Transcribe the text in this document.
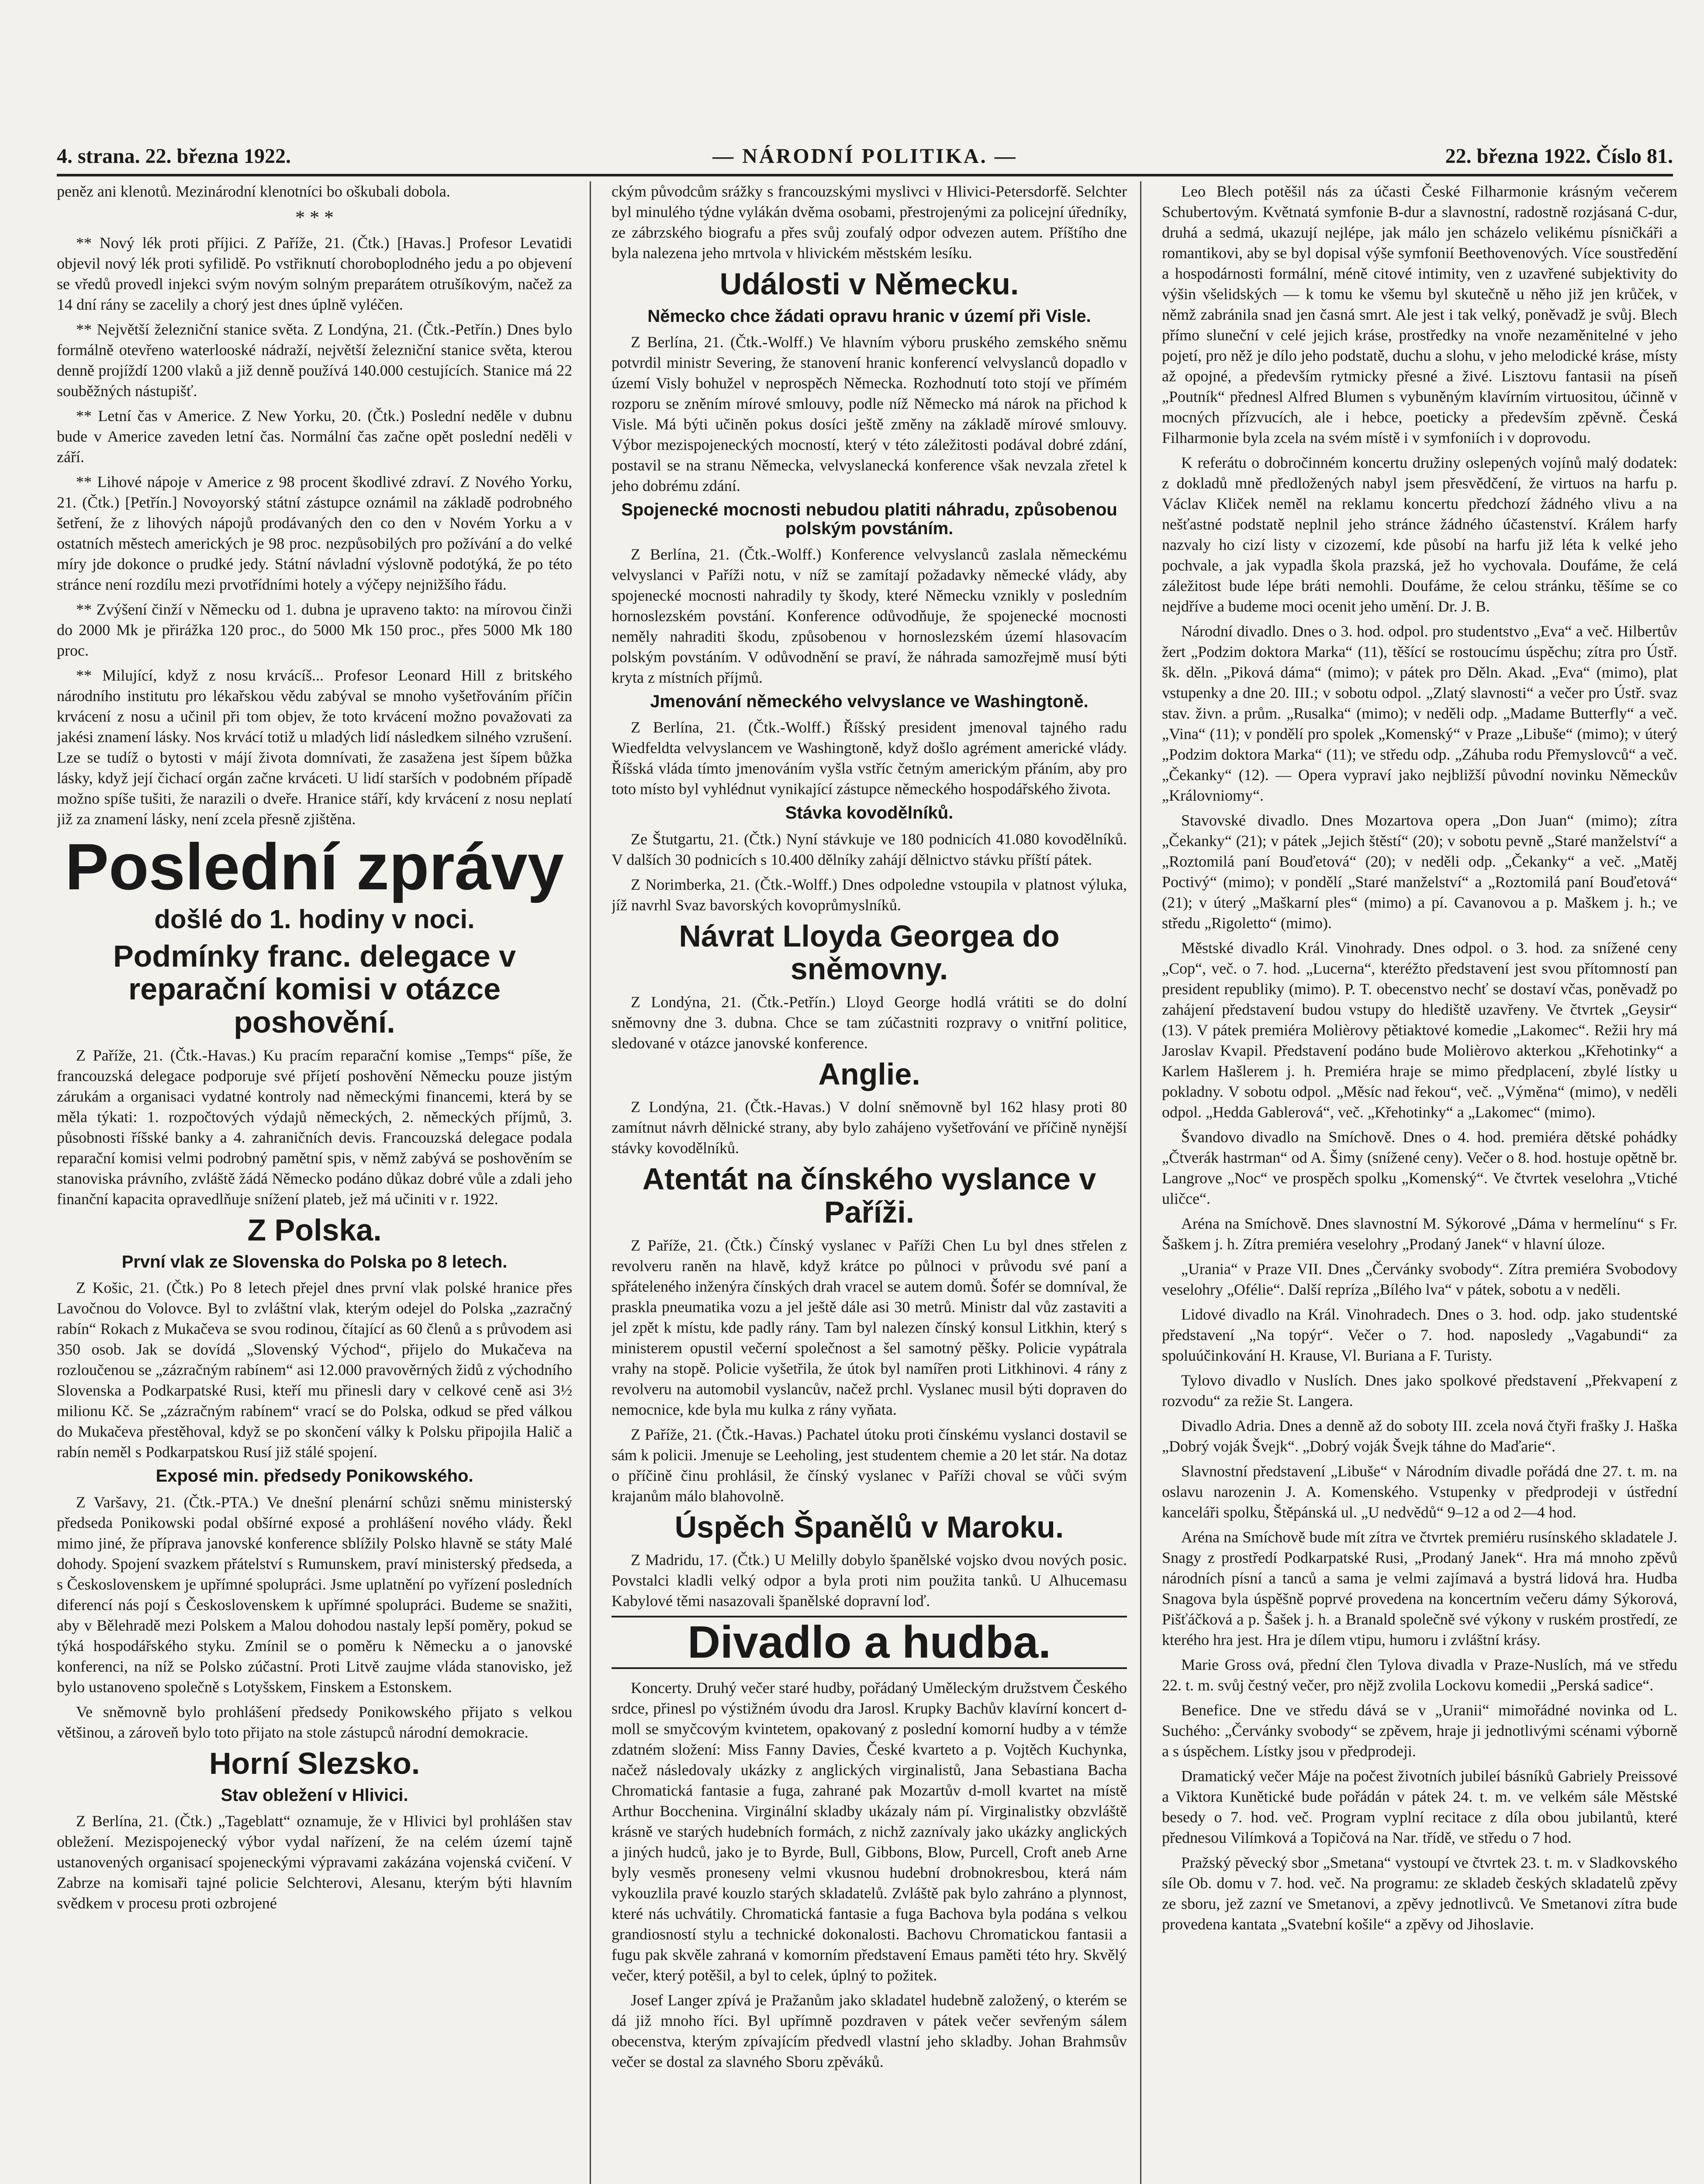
4. strana. 22. března 1922.	— NÁRODNÍ POLITIKA. —	22. března 1922. Číslo 81.

peněz ani klenotů. Mezinárodní klenotníci bo oškubali dobola.

* * *

** Nový lék proti příjici. Z Paříže, 21. (Čtk.) [Havas.] Profesor Levatidi objevil nový lék proti syfilidě. Po vstřiknutí choroboplodného jedu a po objevení se vředů provedl injekci svým novým solným preparátem otrušíkovým, načež za 14 dní rány se zacelily a chorý jest dnes úplně vyléčen.

** Největší železniční stanice světa. Z Londýna, 21. (Čtk.-Petřín.) Dnes bylo formálně otevřeno waterlooské nádraží, největší železniční stanice světa, kterou denně projíždí 1200 vlaků a již denně používá 140.000 cestujících. Stanice má 22 souběžných nástupišť.

** Letní čas v Americe. Z New Yorku, 20. (Čtk.) Poslední neděle v dubnu bude v Americe zaveden letní čas. Normální čas začne opět poslední neděli v září.

** Lihové nápoje v Americe z 98 procent škodlivé zdraví. Z Nového Yorku, 21. (Čtk.) [Petřín.] Novoyorský státní zástupce oznámil na základě podrobného šetření, že z lihových nápojů prodávaných den co den v Novém Yorku a v ostatních městech amerických je 98 proc. nezpůsobilých pro požívání a do velké míry jde dokonce o prudké jedy. Státní návladní výslovně podotýká, že po této stránce není rozdílu mezi prvotřídními hotely a výčepy nejnižšího řádu.

** Zvýšení činží v Německu od 1. dubna je upraveno takto: na mírovou činži do 2000 Mk je přirážka 120 proc., do 5000 Mk 150 proc., přes 5000 Mk 180 proc.

** Milující, když z nosu krvácíš... Profesor Leonard Hill z britského národního institutu pro lékařskou vědu zabýval se mnoho vyšetřováním příčin krvácení z nosu a učinil při tom objev, že toto krvácení možno považovati za jakési znamení lásky. Nos krvácí totiž u mladých lidí následkem silného vzrušení. Lze se tudíž o bytosti v májí života domnívati, že zasažena jest šípem bůžka lásky, když její čichací orgán začne krváceti. U lidí starších v podobném případě možno spíše tušiti, že narazili o dveře. Hranice stáří, kdy krvácení z nosu neplatí již za znamení lásky, není zcela přesně zjištěna.

Poslední zprávy
došlé do 1. hodiny v noci.
Podmínky franc. delegace v reparační komisi v otázce poshovění.

Z Paříže, 21. (Čtk.-Havas.) Ku pracím reparační komise „Temps“ píše, že francouzská delegace podporuje své příjetí poshovění Německu pouze jistým zárukám a organisaci vydatné kontroly nad německými financemi, která by se měla týkati: 1. rozpočtových výdajů německých, 2. německých příjmů, 3. působnosti říšské banky a 4. zahraničních devis. Francouzská delegace podala reparační komisi velmi podrobný pamětní spis, v němž zabývá se poshověním se stanoviska právního, zvláště žádá Německo podáno důkaz dobré vůle a zdali jeho finanční kapacita opravedlňuje snížení plateb, jež má učiniti v r. 1922.

Z Polska.
První vlak ze Slovenska do Polska po 8 letech.

Z Košic, 21. (Čtk.) Po 8 letech přejel dnes první vlak polské hranice přes Lavočnou do Volovce. Byl to zvláštní vlak, kterým odejel do Polska „zazračný rabín“ Rokach z Mukačeva se svou rodinou, čítající as 60 členů a s průvodem asi 350 osob. Jak se dovídá „Slovenský Východ“, přijelo do Mukačeva na rozloučenou se „zázračným rabínem“ asi 12.000 pravověrných židů z východního Slovenska a Podkarpatské Rusi, kteří mu přinesli dary v celkové ceně asi 3½ milionu Kč. Se „zázračným rabínem“ vrací se do Polska, odkud se před válkou do Mukačeva přestěhoval, když se po skončení války k Polsku připojila Halič a rabín neměl s Podkarpatskou Rusí již stálé spojení.

Exposé min. předsedy Ponikowského.

Z Varšavy, 21. (Čtk.-PTA.) Ve dnešní plenární schůzi sněmu ministerský předseda Ponikowski podal obšírné exposé a prohlášení nového vlády. Řekl mimo jiné, že příprava janovské konference sblížily Polsko hlavně se státy Malé dohody. Spojení svazkem přátelství s Rumunskem, praví ministerský předseda, a s Československem je upřímné spolupráci. Jsme uplatnění po vyřízení posledních diferencí nás pojí s Československem k upřímné spolupráci. Budeme se snažiti, aby v Bělehradě mezi Polskem a Malou dohodou nastaly lepší poměry, pokud se týká hospodářského styku. Zmínil se o poměru k Německu a o janovské konferenci, na níž se Polsko zúčastní. Proti Litvě zaujme vláda stanovisko, jež bylo ustanoveno společně s Lotyšskem, Finskem a Estonskem.

Ve sněmovně bylo prohlášení předsedy Ponikowského přijato s velkou většinou, a zároveň bylo toto přijato na stole zástupců národní demokracie.

Horní Slezsko.
Stav obležení v Hlivici.

Z Berlína, 21. (Čtk.) „Tageblatt“ oznamuje, že v Hlivici byl prohlášen stav obležení. Mezispojenecký výbor vydal nařízení, že na celém území tajně ustanovených organisací spojeneckými výpravami zakázána vojenská cvičení. V Zabrze na komisaři tajné policie Selchterovi, Alesanu, kterým býti hlavním svědkem v procesu proti ozbrojené

ckým původcům srážky s francouzskými myslivci v Hlivici-Petersdorfě. Selchter byl minulého týdne vylákán dvěma osobami, přestrojenými za policejní úředníky, ze zábrzského biografu a přes svůj zoufalý odpor odvezen autem. Příštího dne byla nalezena jeho mrtvola v hlivickém městském lesíku.

Události v Německu.
Německo chce žádati opravu hranic v území při Visle.

Z Berlína, 21. (Čtk.-Wolff.) Ve hlavním výboru pruského zemského sněmu potvrdil ministr Severing, že stanovení hranic konferencí velvyslanců dopadlo v území Visly bohužel v neprospěch Německa. Rozhodnutí toto stojí ve přímém rozporu se zněním mírové smlouvy, podle níž Německo má nárok na přichod k Visle. Má býti učiněn pokus dosíci ještě změny na základě mírové smlouvy. Výbor mezispojeneckých mocností, který v této záležitosti podával dobré zdání, postavil se na stranu Německa, velvyslanecká konference však nevzala zřetel k jeho dobrému zdání.

Spojenecké mocnosti nebudou platiti náhradu, způsobenou polským povstáním.

Z Berlína, 21. (Čtk.-Wolff.) Konference velvyslanců zaslala německému velvyslanci v Paříži notu, v níž se zamítají požadavky německé vlády, aby spojenecké mocnosti nahradily ty škody, které Německu vznikly v posledním hornoslezském povstání. Konference odůvodňuje, že spojenecké mocnosti neměly nahraditi škodu, způsobenou v hornoslezském území hlasovacím polským povstáním. V odůvodnění se praví, že náhrada samozřejmě musí býti kryta z místních příjmů.

Jmenování německého velvyslance ve Washingtoně.

Z Berlína, 21. (Čtk.-Wolff.) Říšský president jmenoval tajného radu Wiedfeldta velvyslancem ve Washingtoně, když došlo agrément americké vlády. Říšská vláda tímto jmenováním vyšla vstříc četným americkým přáním, aby pro toto místo byl vyhlédnut vynikající zástupce německého hospodářského života.

Stávka kovodělníků.

Ze Štutgartu, 21. (Čtk.) Nyní stávkuje ve 180 podnicích 41.080 kovodělníků. V dalších 30 podnicích s 10.400 dělníky zahájí dělnictvo stávku příští pátek.

Z Norimberka, 21. (Čtk.-Wolff.) Dnes odpoledne vstoupila v platnost výluka, jíž navrhl Svaz bavorských kovoprůmyslníků.

Návrat Lloyda Georgea do sněmovny.

Z Londýna, 21. (Čtk.-Petřín.) Lloyd George hodlá vrátiti se do dolní sněmovny dne 3. dubna. Chce se tam zúčastniti rozpravy o vnitřní politice, sledované v otázce janovské konference.

Anglie.

Z Londýna, 21. (Čtk.-Havas.) V dolní sněmovně byl 162 hlasy proti 80 zamítnut návrh dělnické strany, aby bylo zahájeno vyšetřování ve příčině nynější stávky kovodělníků.

Atentát na čínského vyslance v Paříži.

Z Paříže, 21. (Čtk.) Čínský vyslanec v Paříži Chen Lu byl dnes střelen z revolveru raněn na hlavě, když krátce po půlnoci v průvodu své paní a spřáteleného inženýra čínských drah vracel se autem domů. Šofér se domníval, že praskla pneumatika vozu a jel ještě dále asi 30 metrů. Ministr dal vůz zastaviti a jel zpět k místu, kde padly rány. Tam byl nalezen čínský konsul Litkhin, který s ministerem opustil večerní společnost a šel samotný pěšky. Policie vypátrala vrahy na stopě. Policie vyšetřila, že útok byl namířen proti Litkhinovi. 4 rány z revolveru na automobil vyslancův, načež prchl. Vyslanec musil býti dopraven do nemocnice, kde byla mu kulka z rány vyňata.

Z Paříže, 21. (Čtk.-Havas.) Pachatel útoku proti čínskému vyslanci dostavil se sám k policii. Jmenuje se Leeholing, jest studentem chemie a 20 let stár. Na dotaz o příčině činu prohlásil, že čínský vyslanec v Paříži choval se vůči svým krajanům málo blahovolně.

Úspěch Španělů v Maroku.

Z Madridu, 17. (Čtk.) U Melilly dobylo španělské vojsko dvou nových posic. Povstalci kladli velký odpor a byla proti nim použita tanků. U Alhucemasu Kabylové těmi nasazovali španělské dopravní loď.

Divadlo a hudba.

Koncerty. Druhý večer staré hudby, pořádaný Uměleckým družstvem Českého srdce, přinesl po výstižném úvodu dra Jarosl. Krupky Bachův klavírní koncert d-moll se smyčcovým kvintetem, opakovaný z poslední komorní hudby a v témže zdatném složení: Miss Fanny Davies, České kvarteto a p. Vojtěch Kuchynka, načež následovaly ukázky z anglických virginalistů, Jana Sebastiana Bacha Chromatická fantasie a fuga, zahrané pak Mozartův d-moll kvartet na místě Arthur Bocchenina. Virginální skladby ukázaly nám pí. Virginalistky obzvláště krásně ve starých hudebních formách, z nichž zaznívaly jako ukázky anglických a jiných hudců, jako je to Byrde, Bull, Gibbons, Blow, Purcell, Croft aneb Arne byly vesměs proneseny velmi vkusnou hudební drobnokresbou, která nám vykouzlila pravé kouzlo starých skladatelů. Zvláště pak bylo zahráno a plynnost, které nás uchvátily. Chromatická fantasie a fuga Bachova byla podána s velkou grandiosností stylu a technické dokonalosti. Bachovu Chromatickou fantasii a fugu pak skvěle zahraná v komorním představení Emaus paměti této hry. Skvělý večer, který potěšil, a byl to celek, úplný to požitek.

Josef Langer zpívá je Pražanům jako skladatel hudebně založený, o kterém se dá již mnoho říci. Byl upřímně pozdraven v pátek večer sevřeným sálem obecenstva, kterým zpívajícím předvedl vlastní jeho skladby. Johan Brahmsův večer se dostal za slavného Sboru zpěváků.

Leo Blech potěšil nás za účasti České Filharmonie krásným večerem Schubertovým. Květnatá symfonie B-dur a slavnostní, radostně rozjásaná C-dur, druhá a sedmá, ukazují nejlépe, jak málo jen scházelo velikému písničkáři a romantikovi, aby se byl dopisal výše symfonií Beethovenových. Více soustředění a hospodárnosti formální, méně citové intimity, ven z uzavřené subjektivity do výšin všelidských — k tomu ke všemu byl skutečně u něho již jen krůček, v němž zabránila snad jen časná smrt. Ale jest i tak velký, poněvadž je svůj. Blech přímo sluneční v celé jejich kráse, prostředky na vnoře nezaměnitelné v jeho pojetí, pro něž je dílo jeho podstatě, duchu a slohu, v jeho melodické kráse, místy až opojné, a především rytmicky přesné a živé. Lisztovu fantasii na píseň „Poutník“ přednesl Alfred Blumen s vybuněným klavírním virtuositou, účinně v mocných přízvucích, ale i hebce, poeticky a především zpěvně. Česká Filharmonie byla zcela na svém místě i v symfoniích i v doprovodu.

K referátu o dobročinném koncertu družiny oslepených vojínů malý dodatek: z dokladů mně předložených nabyl jsem přesvědčení, že virtuos na harfu p. Václav Kliček neměl na reklamu koncertu předchozí žádného vlivu a na nešťastné podstatě neplnil jeho stránce žádného účastenství. Králem harfy nazvaly ho cizí listy v cizozemí, kde působí na harfu již léta k velké jeho pochvale, a jak vypadla škola prazská, jež ho vychovala. Doufáme, že celá záležitost bude lépe bráti nemohli. Doufáme, že celou stránku, těšíme se co nejdříve a budeme moci ocenit jeho umění. Dr. J. B.

Národní divadlo. Dnes o 3. hod. odpol. pro studentstvo „Eva“ a več. Hilbertův žert „Podzim doktora Marka“ (11), těšící se rostoucímu úspěchu; zítra pro Ústř. šk. děln. „Piková dáma“ (mimo); v pátek pro Děln. Akad. „Eva“ (mimo), plat vstupenky a dne 20. III.; v sobotu odpol. „Zlatý slavnosti“ a večer pro Ústř. svaz stav. živn. a prům. „Rusalka“ (mimo); v neděli odp. „Madame Butterfly“ a več. „Vina“ (11); v pondělí pro spolek „Komenský“ v Praze „Libuše“ (mimo); v úterý „Podzim doktora Marka“ (11); ve středu odp. „Záhuba rodu Přemyslovců“ a več. „Čekanky“ (12). — Opera vypraví jako nejbližší původní novinku Německův „Královniomy“.

Stavovské divadlo. Dnes Mozartova opera „Don Juan“ (mimo); zítra „Čekanky“ (21); v pátek „Jejich štěstí“ (20); v sobotu pevně „Staré manželství“ a „Roztomilá paní Bouďetová“ (20); v neděli odp. „Čekanky“ a več. „Matěj Poctivý“ (mimo); v pondělí „Staré manželství“ a „Roztomilá paní Bouďetová“ (21); v úterý „Maškarní ples“ (mimo) a pí. Cavanovou a p. Maškem j. h.; ve středu „Rigoletto“ (mimo).

Městské divadlo Král. Vinohrady. Dnes odpol. o 3. hod. za snížené ceny „Cop“, več. o 7. hod. „Lucerna“, kteréžto představení jest svou přítomností pan president republiky (mimo). P. T. obecenstvo nechť se dostaví včas, poněvadž po zahájení představení budou vstupy do hlediště uzavřeny. Ve čtvrtek „Geysir“ (13). V pátek premiéra Molièrovy pětiaktové komedie „Lakomec“. Režii hry má Jaroslav Kvapil. Představení podáno bude Molièrovo akterkou „Křehotinky“ a Karlem Hašlerem j. h. Premiéra hraje se mimo předplacení, zbylé lístky u pokladny. V sobotu odpol. „Měsíc nad řekou“, več. „Výměna“ (mimo), v neděli odpol. „Hedda Gablerová“, več. „Křehotinky“ a „Lakomec“ (mimo).

Švandovo divadlo na Smíchově. Dnes o 4. hod. premiéra dětské pohádky „Čtverák hastrman“ od A. Šimy (snížené ceny). Večer o 8. hod. hostuje opětně br. Langrove „Noc“ ve prospěch spolku „Komenský“. Ve čtvrtek veselohra „Vtiché uličce“.

Aréna na Smíchově. Dnes slavnostní M. Sýkorové „Dáma v hermelínu“ s Fr. Šaškem j. h. Zítra premiéra veselohry „Prodaný Janek“ v hlavní úloze.

„Urania“ v Praze VII. Dnes „Červánky svobody“. Zítra premiéra Svobodovy veselohry „Ofélie“. Další repríza „Bílého lva“ v pátek, sobotu a v neděli.

Lidové divadlo na Král. Vinohradech. Dnes o 3. hod. odp. jako studentské představení „Na topýr“. Večer o 7. hod. naposledy „Vagabundi“ za spoluúčinkování H. Krause, Vl. Buriana a F. Turisty.

Tylovo divadlo v Nuslích. Dnes jako spolkové představení „Překvapení z rozvodu“ za režie St. Langera.

Divadlo Adria. Dnes a denně až do soboty III. zcela nová čtyři frašky J. Haška „Dobrý voják Švejk“. „Dobrý voják Švejk táhne do Maďarie“.

Slavnostní představení „Libuše“ v Národním divadle pořádá dne 27. t. m. na oslavu narozenin J. A. Komenského. Vstupenky v předprodeji v ústřední kanceláři spolku, Štěpánská ul. „U nedvědů“ 9–12 a od 2—4 hod.

Aréna na Smíchově bude mít zítra ve čtvrtek premiéru rusínského skladatele J. Snagy z prostředí Podkarpatské Rusi, „Prodaný Janek“. Hra má mnoho zpěvů národních písní a tanců a sama je velmi zajímavá a bystrá lidová hra. Hudba Snagova byla úspěšně poprvé provedena na koncertním večeru dámy Sýkorová, Pišťáčková a p. Šašek j. h. a Branald společně své výkony v ruském prostředí, ze kterého hra jest. Hra je dílem vtipu, humoru i zvláštní krásy.

Marie Gross ová, přední člen Tylova divadla v Praze-Nuslích, má ve středu 22. t. m. svůj čestný večer, pro nějž zvolila Lockovu komedii „Perská sadice“.

Benefice. Dne ve středu dává se v „Uranii“ mimořádné novinka od L. Suchého: „Červánky svobody“ se zpěvem, hraje ji jednotlivými scénami výborně a s úspěchem. Lístky jsou v předprodeji.

Dramatický večer Máje na počest životních jubileí básníků Gabriely Preissové a Viktora Kunětické bude pořádán v pátek 24. t. m. ve velkém sále Městské besedy o 7. hod. več. Program vyplní recitace z díla obou jubilantů, které přednesou Vilímková a Topičová na Nar. třídě, ve středu o 7 hod.

Pražský pěvecký sbor „Smetana“ vystoupí ve čtvrtek 23. t. m. v Sladkovského síle Ob. domu v 7. hod. več. Na programu: ze skladeb českých skladatelů zpěvy ze sboru, jež zazní ve Smetanovi, a zpěvy jednotlivců. Ve Smetanovi zítra bude provedena kantata „Svatební košile“ a zpěvy od Jihoslavie.
